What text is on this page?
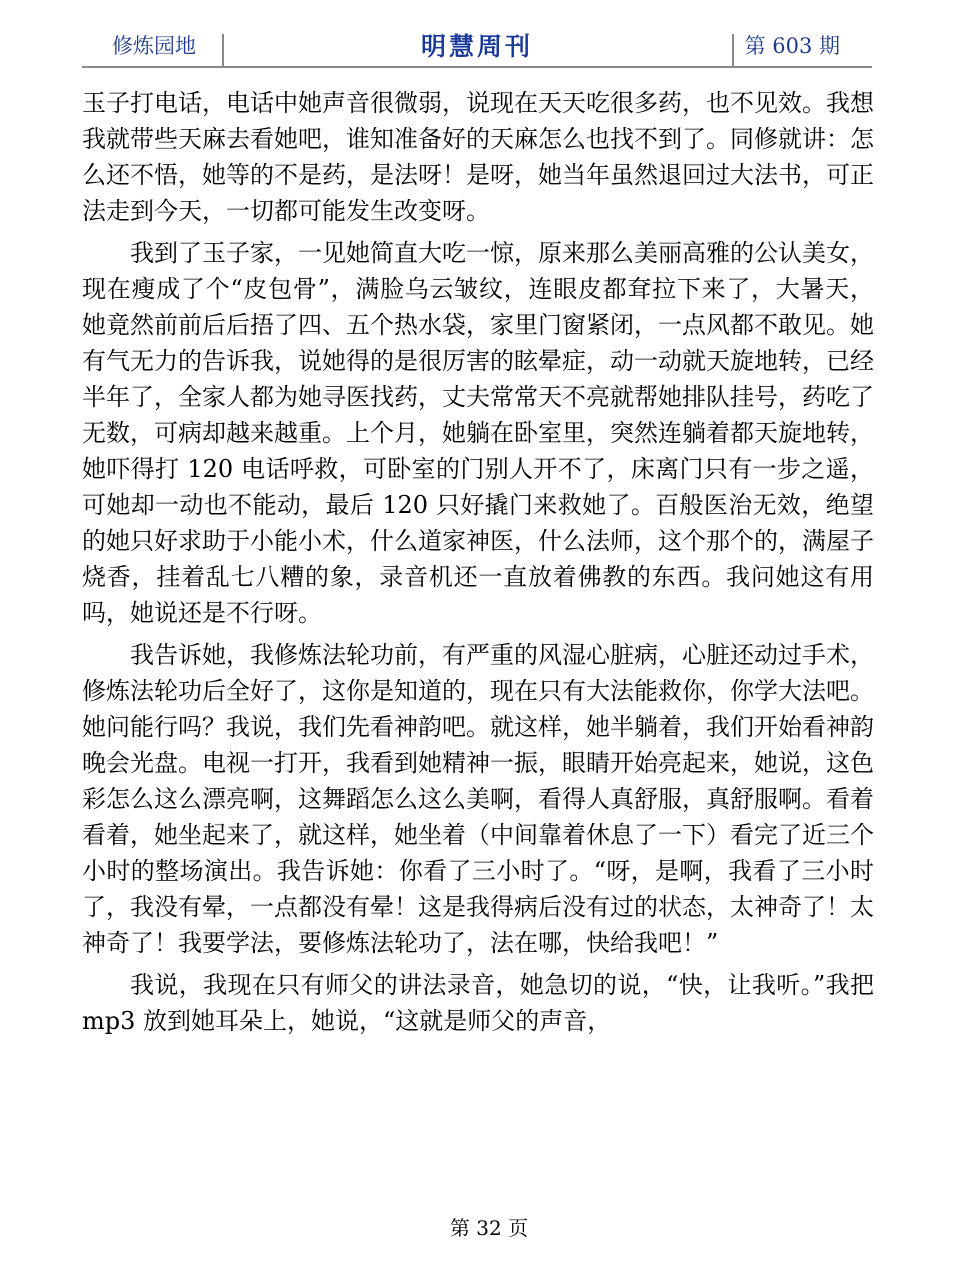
修炼园地	明慧周刊	第 603 期

玉子打电话，电话中她声音很微弱，说现在天天吃很多药，也不见效。我想我就带些天麻去看她吧，谁知准备好的天麻怎么也找不到了。同修就讲：怎么还不悟，她等的不是药，是法呀！是呀，她当年虽然退回过大法书，可正法走到今天，一切都可能发生改变呀。

我到了玉子家，一见她简直大吃一惊，原来那么美丽高雅的公认美女，现在瘦成了个“皮包骨”，满脸乌云皱纹，连眼皮都耷拉下来了，大暑天，她竟然前前后后捂了四、五个热水袋，家里门窗紧闭，一点风都不敢见。她有气无力的告诉我，说她得的是很厉害的眩晕症，动一动就天旋地转，已经半年了，全家人都为她寻医找药，丈夫常常天不亮就帮她排队挂号，药吃了无数，可病却越来越重。上个月，她躺在卧室里，突然连躺着都天旋地转，她吓得打 120 电话呼救，可卧室的门别人开不了，床离门只有一步之遥，可她却一动也不能动，最后 120 只好撬门来救她了。百般医治无效，绝望的她只好求助于小能小术，什么道家神医，什么法师，这个那个的，满屋子烧香，挂着乱七八糟的象，录音机还一直放着佛教的东西。我问她这有用吗，她说还是不行呀。

我告诉她，我修炼法轮功前，有严重的风湿心脏病，心脏还动过手术，修炼法轮功后全好了，这你是知道的，现在只有大法能救你，你学大法吧。她问能行吗？我说，我们先看神韵吧。就这样，她半躺着，我们开始看神韵晚会光盘。电视一打开，我看到她精神一振，眼睛开始亮起来，她说，这色彩怎么这么漂亮啊，这舞蹈怎么这么美啊，看得人真舒服，真舒服啊。看着看着，她坐起来了，就这样，她坐着（中间靠着休息了一下）看完了近三个小时的整场演出。我告诉她：你看了三小时了。“呀，是啊，我看了三小时了，我没有晕，一点都没有晕！这是我得病后没有过的状态，太神奇了！太神奇了！我要学法，要修炼法轮功了，法在哪，快给我吧！”

我说，我现在只有师父的讲法录音，她急切的说，“快，让我听。”我把 mp3 放到她耳朵上，她说，“这就是师父的声音，

第 32 页
